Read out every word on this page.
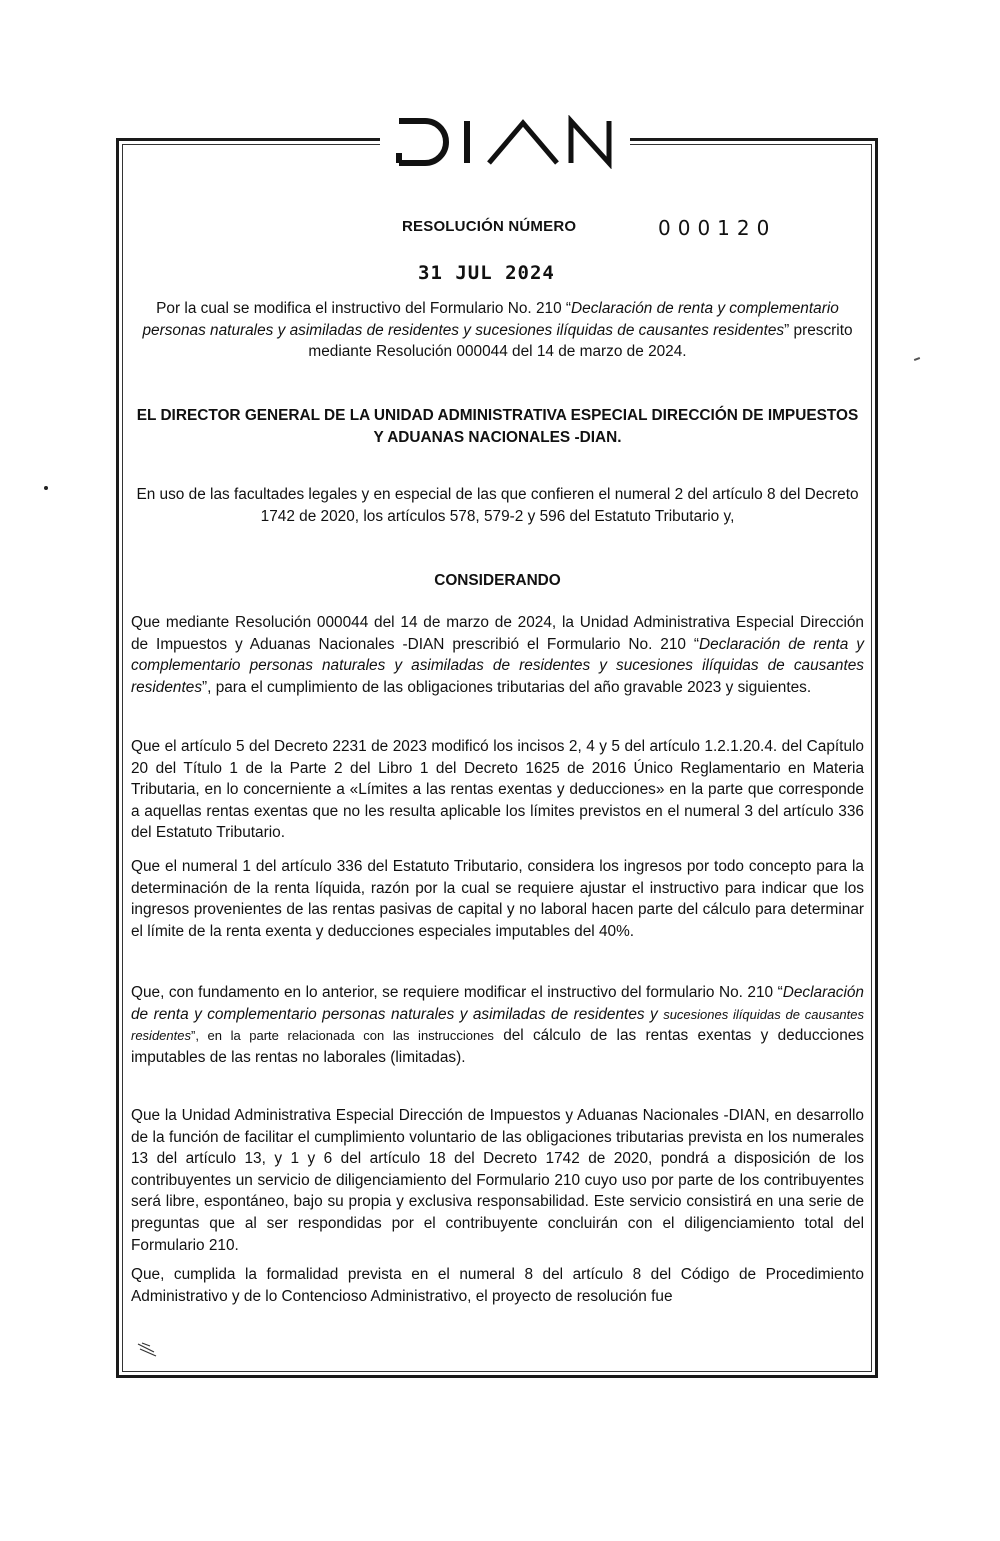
RESOLUCIÓN NÚMERO	000120
31 JUL 2024
Por la cual se modifica el instructivo del Formulario No. 210 “Declaración de renta y complementario personas naturales y asimiladas de residentes y sucesiones ilíquidas de causantes residentes” prescrito mediante Resolución 000044 del 14 de marzo de 2024.
EL DIRECTOR GENERAL DE LA UNIDAD ADMINISTRATIVA ESPECIAL DIRECCIÓN DE IMPUESTOS Y ADUANAS NACIONALES -DIAN.
En uso de las facultades legales y en especial de las que confieren el numeral 2 del artículo 8 del Decreto 1742 de 2020, los artículos 578, 579-2 y 596 del Estatuto Tributario y,
CONSIDERANDO
Que mediante Resolución 000044 del 14 de marzo de 2024, la Unidad Administrativa Especial Dirección de Impuestos y Aduanas Nacionales -DIAN prescribió el Formulario No. 210 “Declaración de renta y complementario personas naturales y asimiladas de residentes y sucesiones ilíquidas de causantes residentes”, para el cumplimiento de las obligaciones tributarias del año gravable 2023 y siguientes.
Que el artículo 5 del Decreto 2231 de 2023 modificó los incisos 2, 4 y 5 del artículo 1.2.1.20.4. del Capítulo 20 del Título 1 de la Parte 2 del Libro 1 del Decreto 1625 de 2016 Único Reglamentario en Materia Tributaria, en lo concerniente a «Límites a las rentas exentas y deducciones» en la parte que corresponde a aquellas rentas exentas que no les resulta aplicable los límites previstos en el numeral 3 del artículo 336 del Estatuto Tributario.
Que el numeral 1 del artículo 336 del Estatuto Tributario, considera los ingresos por todo concepto para la determinación de la renta líquida, razón por la cual se requiere ajustar el instructivo para indicar que los ingresos provenientes de las rentas pasivas de capital y no laboral hacen parte del cálculo para determinar el límite de la renta exenta y deducciones especiales imputables del 40%.
Que, con fundamento en lo anterior, se requiere modificar el instructivo del formulario No. 210 “Declaración de renta y complementario personas naturales y asimiladas de residentes y sucesiones ilíquidas de causantes residentes”, en la parte relacionada con las instrucciones del cálculo de las rentas exentas y deducciones imputables de las rentas no laborales (limitadas).
Que la Unidad Administrativa Especial Dirección de Impuestos y Aduanas Nacionales -DIAN, en desarrollo de la función de facilitar el cumplimiento voluntario de las obligaciones tributarias prevista en los numerales 13 del artículo 13, y 1 y 6 del artículo 18 del Decreto 1742 de 2020, pondrá a disposición de los contribuyentes un servicio de diligenciamiento del Formulario 210 cuyo uso por parte de los contribuyentes será libre, espontáneo, bajo su propia y exclusiva responsabilidad. Este servicio consistirá en una serie de preguntas que al ser respondidas por el contribuyente concluirán con el diligenciamiento total del Formulario 210.
Que, cumplida la formalidad prevista en el numeral 8 del artículo 8 del Código de Procedimiento Administrativo y de lo Contencioso Administrativo, el proyecto de resolución fue
